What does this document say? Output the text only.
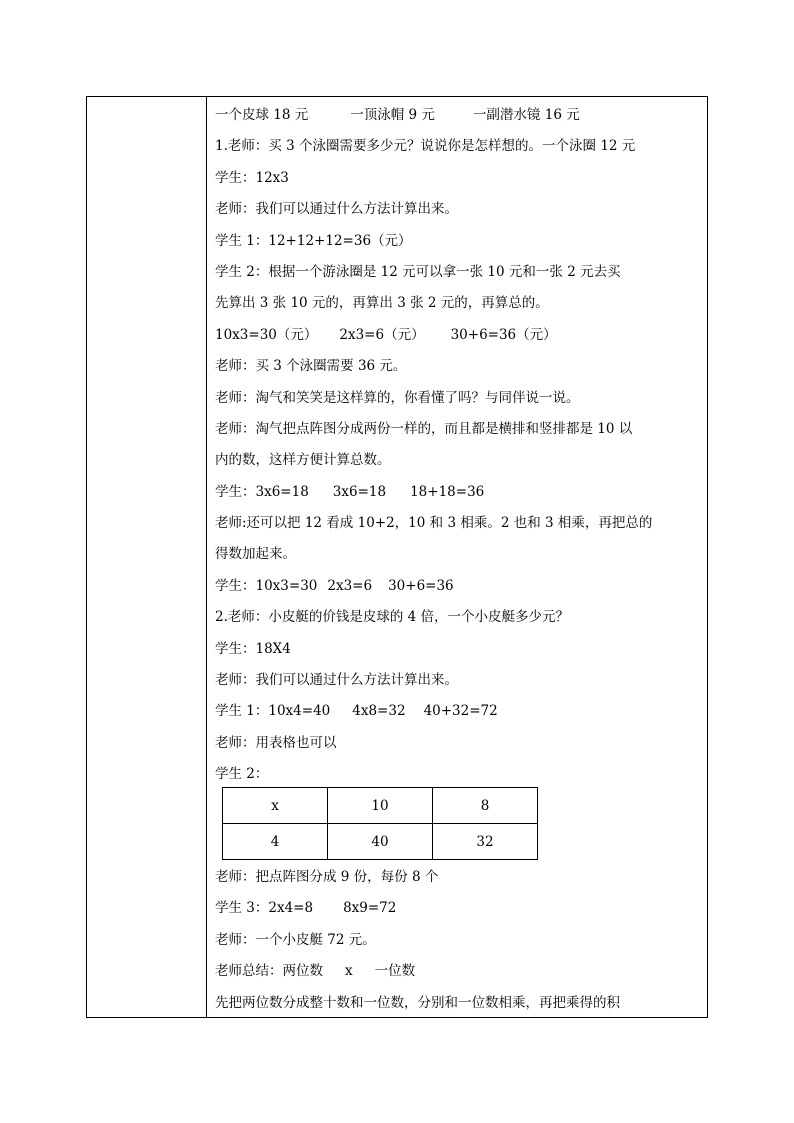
一个皮球 18 元	一顶泳帽 9 元	一副潜水镜 16 元
1.老师：买 3 个泳圈需要多少元？说说你是怎样想的。一个泳圈 12 元
学生：12x3
老师：我们可以通过什么方法计算出来。
学生 1：12+12+12=36（元）
学生 2：根据一个游泳圈是 12 元可以拿一张 10 元和一张 2 元去买
先算出 3 张 10 元的，再算出 3 张 2 元的，再算总的。
10x3=30（元） 2x3=6（元） 30+6=36（元）
老师：买 3 个泳圈需要 36 元。
老师：淘气和笑笑是这样算的，你看懂了吗？与同伴说一说。
老师：淘气把点阵图分成两份一样的，而且都是横排和竖排都是 10 以
内的数，这样方便计算总数。
学生：3x6=18 3x6=18 18+18=36
老师:还可以把 12 看成 10+2，10 和 3 相乘。2 也和 3 相乘，再把总的
得数加起来。
学生：10x3=30 2x3=6 30+6=36
2.老师：小皮艇的价钱是皮球的 4 倍，一个小皮艇多少元？
学生：18X4
老师：我们可以通过什么方法计算出来。
学生 1：10x4=40 4x8=32 40+32=72
老师：用表格也可以
学生 2：
x	10	8
4	40	32
老师：把点阵图分成 9 份，每份 8 个
学生 3：2x4=8 8x9=72
老师：一个小皮艇 72 元。
老师总结：两位数 x 一位数
先把两位数分成整十数和一位数，分别和一位数相乘，再把乘得的积
